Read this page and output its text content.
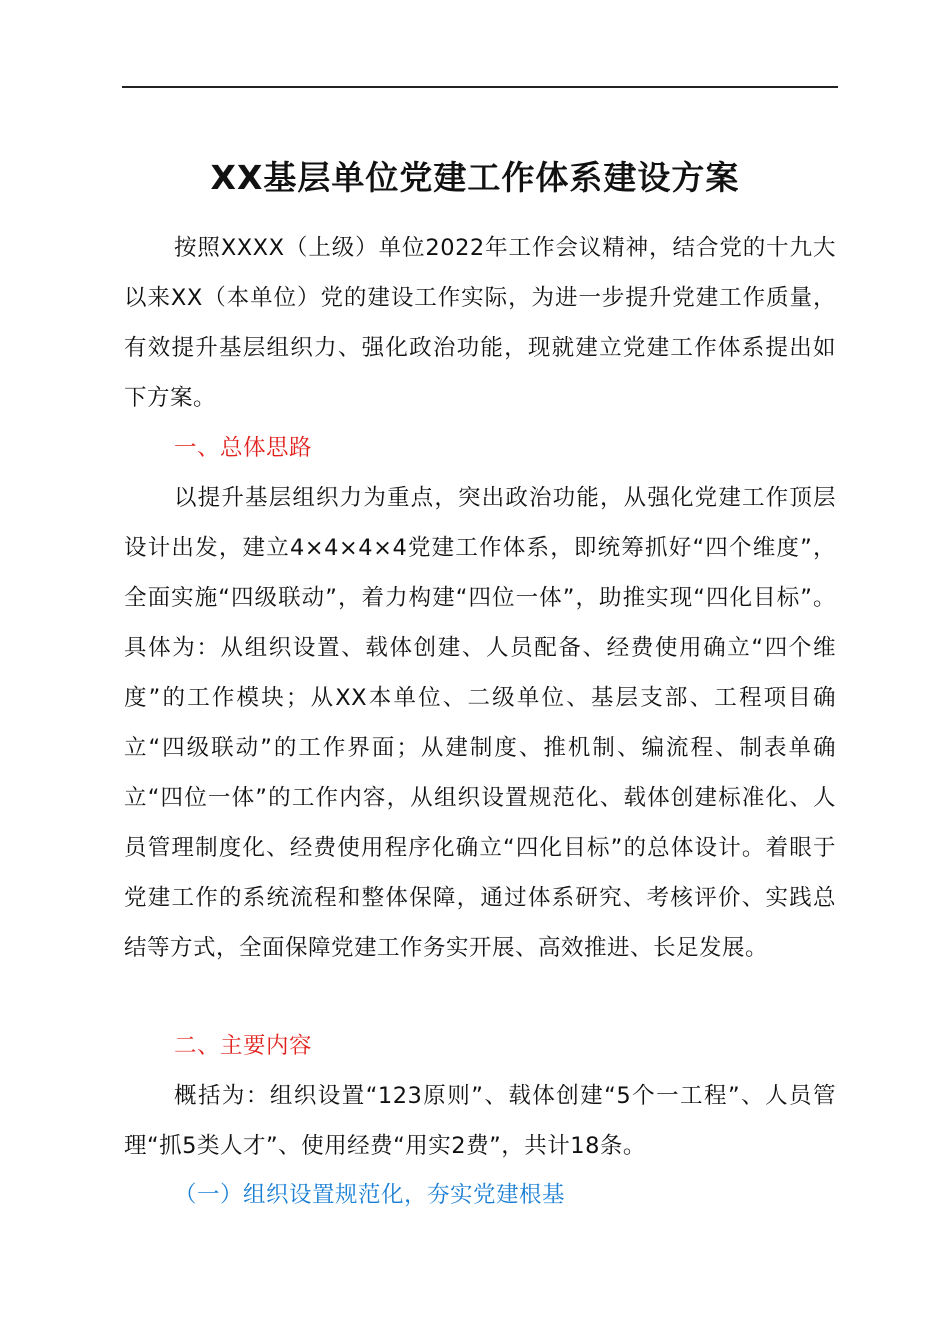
XX基层单位党建工作体系建设方案
按照XXXX（上级）单位2022年工作会议精神，结合党的十九大以来XX（本单位）党的建设工作实际，为进一步提升党建工作质量，有效提升基层组织力、强化政治功能，现就建立党建工作体系提出如下方案。
一、总体思路
以提升基层组织力为重点，突出政治功能，从强化党建工作顶层设计出发，建立4×4×4×4党建工作体系，即统筹抓好“四个维度”，全面实施“四级联动”，着力构建“四位一体”，助推实现“四化目标”。具体为：从组织设置、载体创建、人员配备、经费使用确立“四个维度”的工作模块；从XX本单位、二级单位、基层支部、工程项目确立“四级联动”的工作界面；从建制度、推机制、编流程、制表单确立“四位一体”的工作内容，从组织设置规范化、载体创建标准化、人员管理制度化、经费使用程序化确立“四化目标”的总体设计。着眼于党建工作的系统流程和整体保障，通过体系研究、考核评价、实践总结等方式，全面保障党建工作务实开展、高效推进、长足发展。
二、主要内容
概括为：组织设置“123原则”、载体创建“5个一工程”、人员管理“抓5类人才”、使用经费“用实2费”，共计18条。
（一）组织设置规范化，夯实党建根基
